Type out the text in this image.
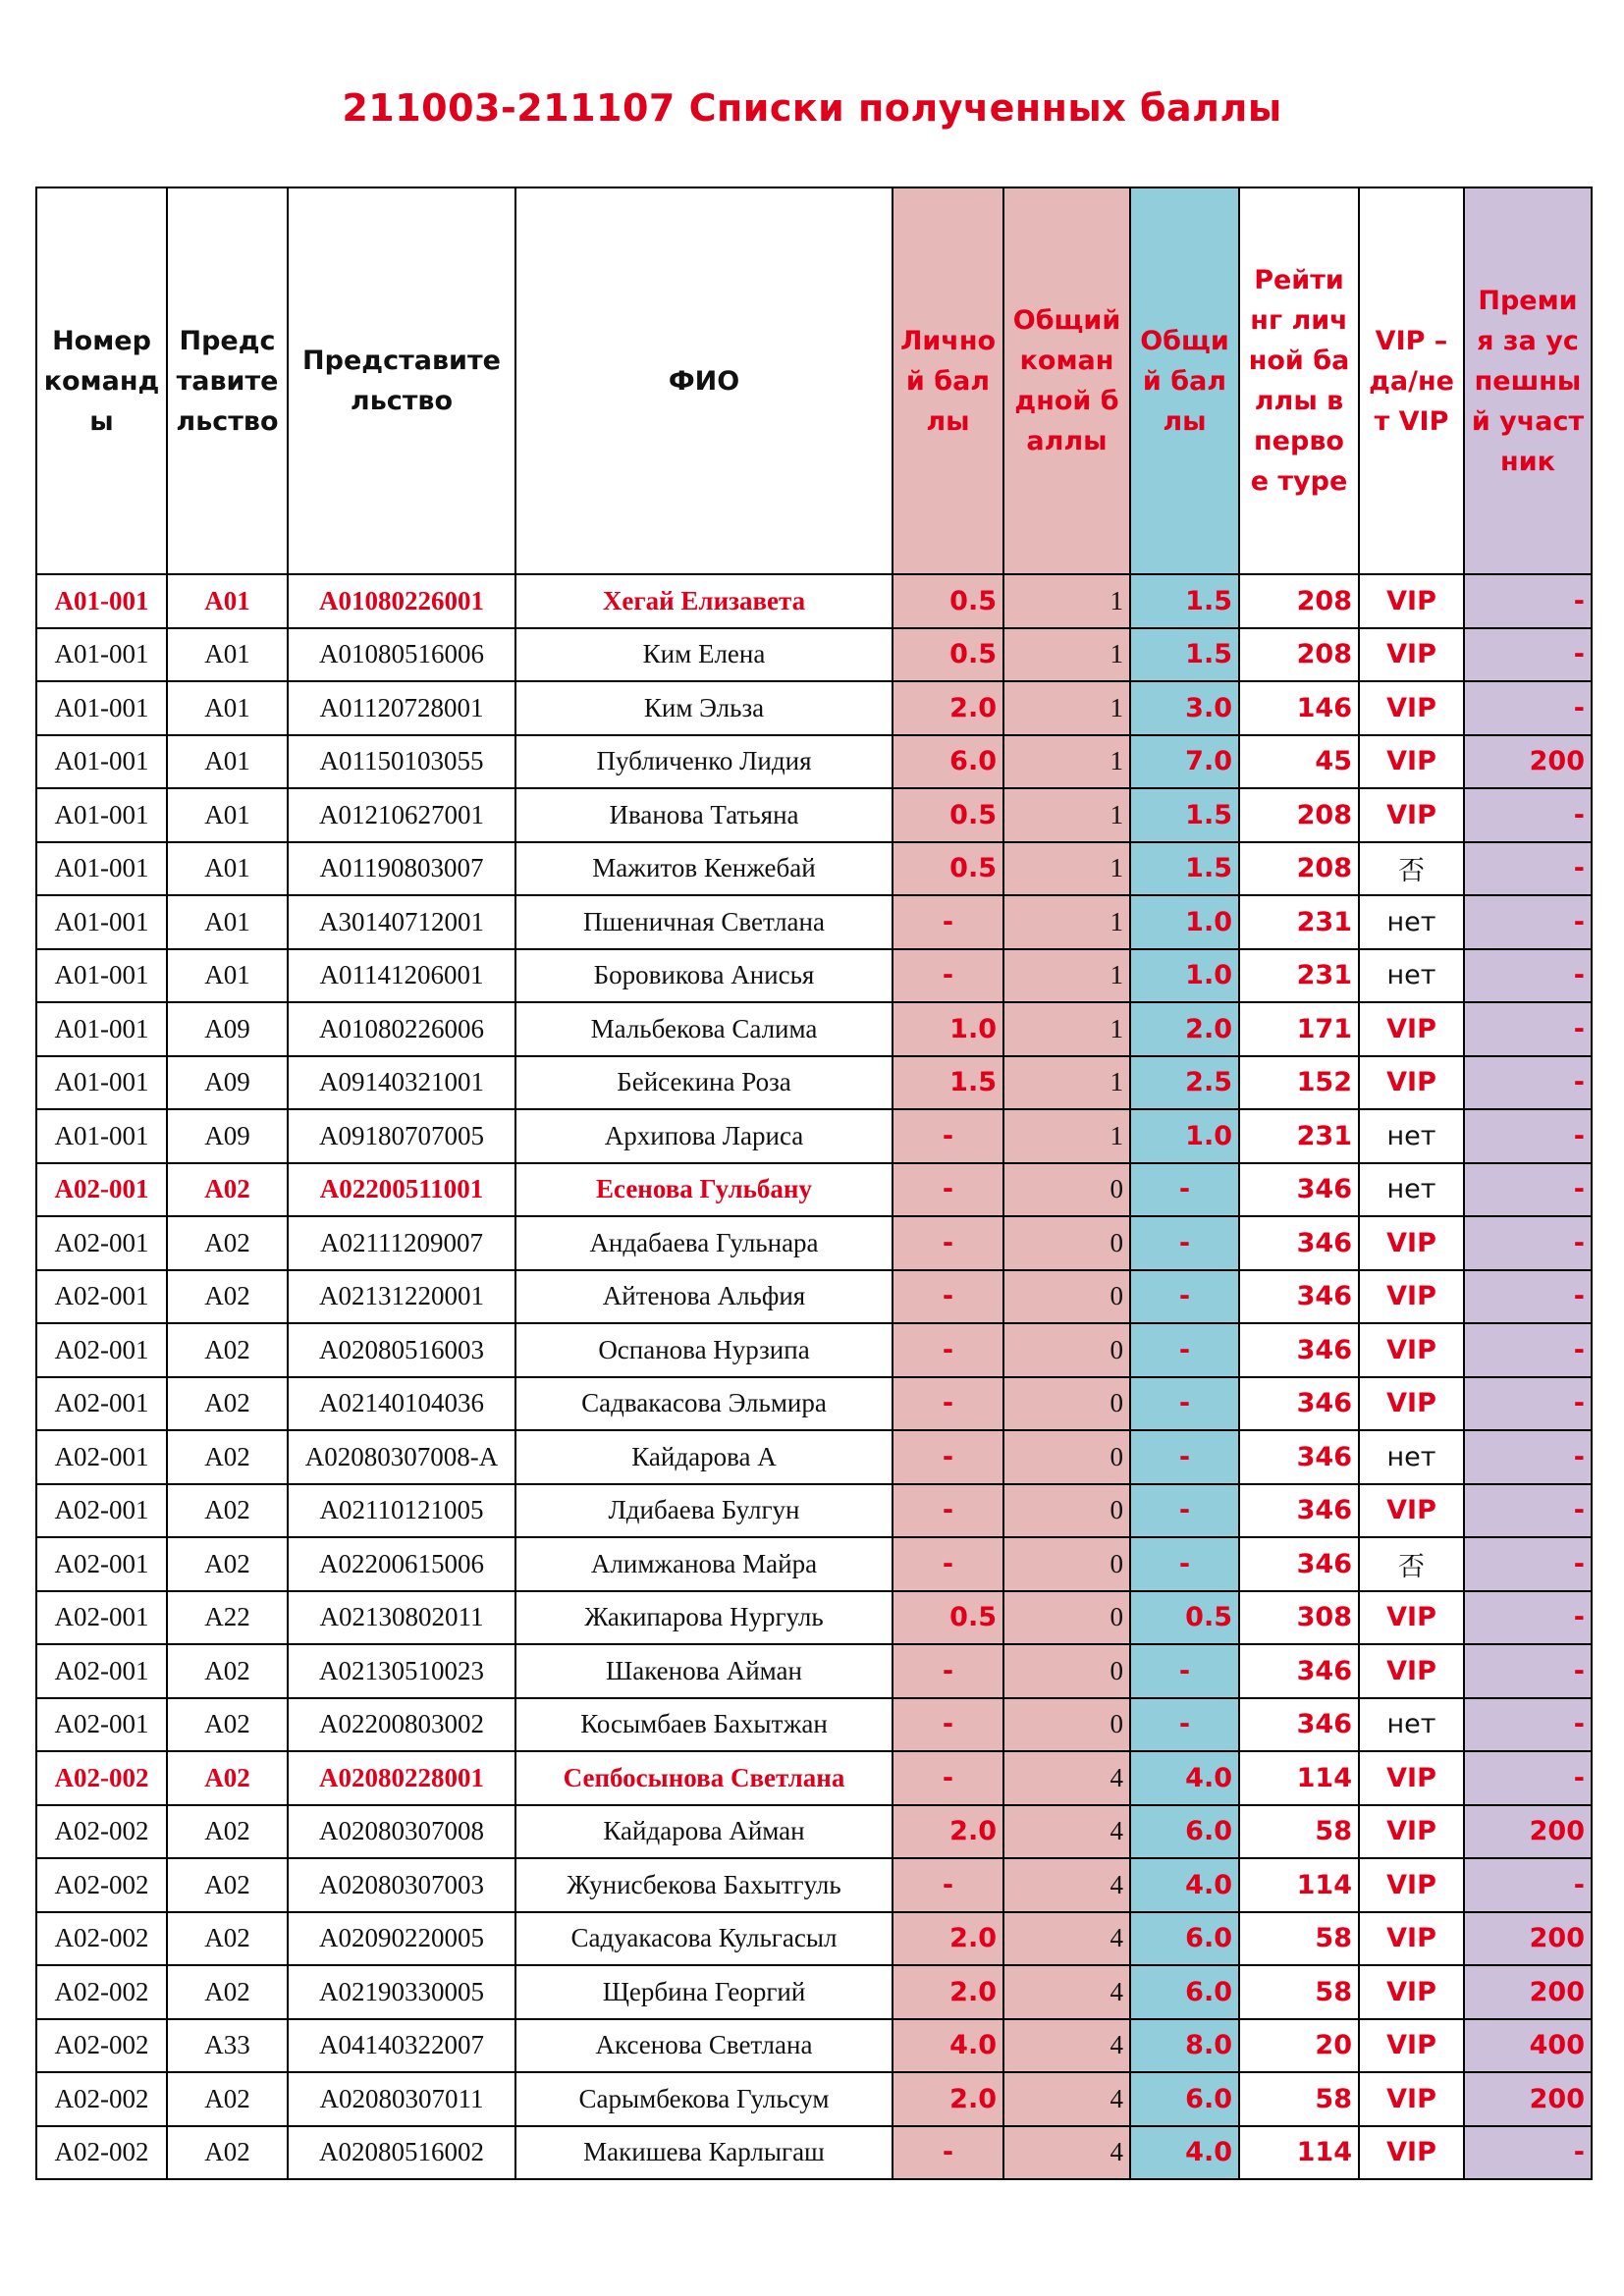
211003-211107 Списки полученных баллы
Номер команды	Представительство	Представительство	ФИО	Личной баллы	Общий командной баллы	Общий баллы	Рейтинг личной баллы в первое туре	VIP – да/нет VIP	Премия за успешный участник
A01-001	A01	A01080226001	Хегай Елизавета	0.5	1	1.5	208	VIP	-
A01-001	A01	A01080516006	Ким Елена	0.5	1	1.5	208	VIP	-
A01-001	A01	A01120728001	Ким Эльза	2.0	1	3.0	146	VIP	-
A01-001	A01	A01150103055	Публиченко Лидия	6.0	1	7.0	45	VIP	200
A01-001	A01	A01210627001	Иванова Татьяна	0.5	1	1.5	208	VIP	-
A01-001	A01	A01190803007	Мажитов Кенжебай	0.5	1	1.5	208	否	-
A01-001	A01	A30140712001	Пшеничная Светлана	-	1	1.0	231	нет	-
A01-001	A01	A01141206001	Боровикова Анисья	-	1	1.0	231	нет	-
A01-001	A09	A01080226006	Мальбекова Салима	1.0	1	2.0	171	VIP	-
A01-001	A09	A09140321001	Бейсекина Роза	1.5	1	2.5	152	VIP	-
A01-001	A09	A09180707005	Архипова Лариса	-	1	1.0	231	нет	-
A02-001	A02	A02200511001	Есенова Гульбану	-	0	-	346	нет	-
A02-001	A02	A02111209007	Андабаева Гульнара	-	0	-	346	VIP	-
A02-001	A02	A02131220001	Айтенова Альфия	-	0	-	346	VIP	-
A02-001	A02	A02080516003	Оспанова Нурзипа	-	0	-	346	VIP	-
A02-001	A02	A02140104036	Садвакасова Эльмира	-	0	-	346	VIP	-
A02-001	A02	A02080307008-A	Кайдарова А	-	0	-	346	нет	-
A02-001	A02	A02110121005	Лдибаева Булгун	-	0	-	346	VIP	-
A02-001	A02	A02200615006	Алимжанова Майра	-	0	-	346	否	-
A02-001	A22	A02130802011	Жакипарова Нургуль	0.5	0	0.5	308	VIP	-
A02-001	A02	A02130510023	Шакенова Айман	-	0	-	346	VIP	-
A02-001	A02	A02200803002	Косымбаев Бахытжан	-	0	-	346	нет	-
A02-002	A02	A02080228001	Сепбосынова Светлана	-	4	4.0	114	VIP	-
A02-002	A02	A02080307008	Кайдарова Айман	2.0	4	6.0	58	VIP	200
A02-002	A02	A02080307003	Жунисбекова Бахытгуль	-	4	4.0	114	VIP	-
A02-002	A02	A02090220005	Садуакасова Кульгасыл	2.0	4	6.0	58	VIP	200
A02-002	A02	A02190330005	Щербина Георгий	2.0	4	6.0	58	VIP	200
A02-002	A33	A04140322007	Аксенова Светлана	4.0	4	8.0	20	VIP	400
A02-002	A02	A02080307011	Сарымбекова Гульсум	2.0	4	6.0	58	VIP	200
A02-002	A02	A02080516002	Макишева Карлыгаш	-	4	4.0	114	VIP	-
